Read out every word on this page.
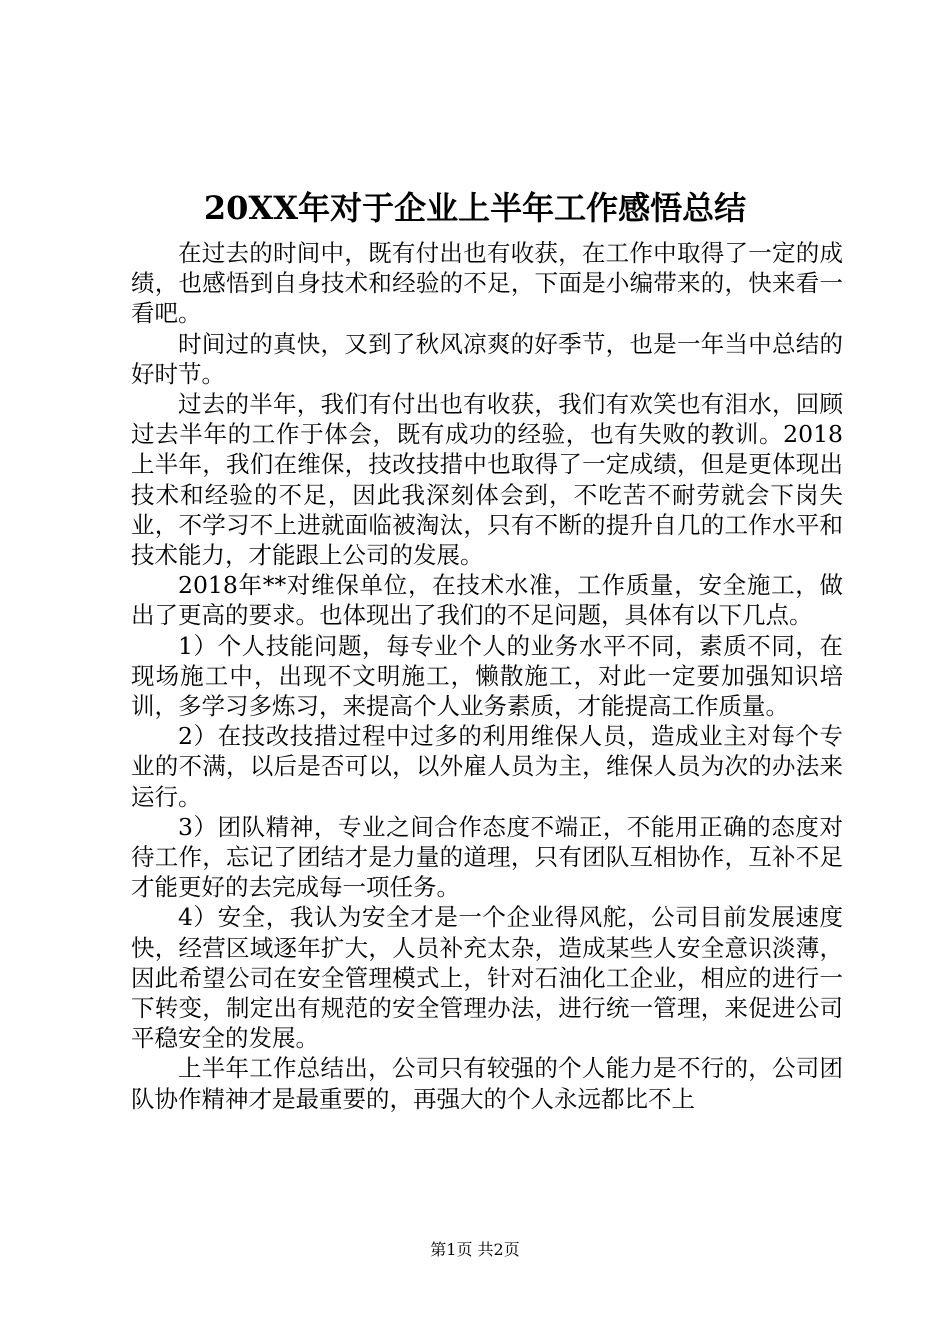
20XX年对于企业上半年工作感悟总结

在过去的时间中，既有付出也有收获，在工作中取得了一定的成绩，也感悟到自身技术和经验的不足，下面是小编带来的，快来看一看吧。

时间过的真快，又到了秋风凉爽的好季节，也是一年当中总结的好时节。

过去的半年，我们有付出也有收获，我们有欢笑也有泪水，回顾过去半年的工作于体会，既有成功的经验，也有失败的教训。2018上半年，我们在维保，技改技措中也取得了一定成绩，但是更体现出技术和经验的不足，因此我深刻体会到，不吃苦不耐劳就会下岗失业，不学习不上进就面临被淘汰，只有不断的提升自几的工作水平和技术能力，才能跟上公司的发展。

2018年**对维保单位，在技术水准，工作质量，安全施工，做出了更高的要求。也体现出了我们的不足问题，具体有以下几点。

1）个人技能问题，每专业个人的业务水平不同，素质不同，在现场施工中，出现不文明施工，懒散施工，对此一定要加强知识培训，多学习多炼习，来提高个人业务素质，才能提高工作质量。

2）在技改技措过程中过多的利用维保人员，造成业主对每个专业的不满，以后是否可以，以外雇人员为主，维保人员为次的办法来运行。

3）团队精神，专业之间合作态度不端正，不能用正确的态度对待工作，忘记了团结才是力量的道理，只有团队互相协作，互补不足才能更好的去完成每一项任务。

4）安全，我认为安全才是一个企业得风舵，公司目前发展速度快，经营区域逐年扩大，人员补充太杂，造成某些人安全意识淡薄，因此希望公司在安全管理模式上，针对石油化工企业，相应的进行一下转变，制定出有规范的安全管理办法，进行统一管理，来促进公司平稳安全的发展。

上半年工作总结出，公司只有较强的个人能力是不行的，公司团队协作精神才是最重要的，再强大的个人永远都比不上

第1页 共2页
